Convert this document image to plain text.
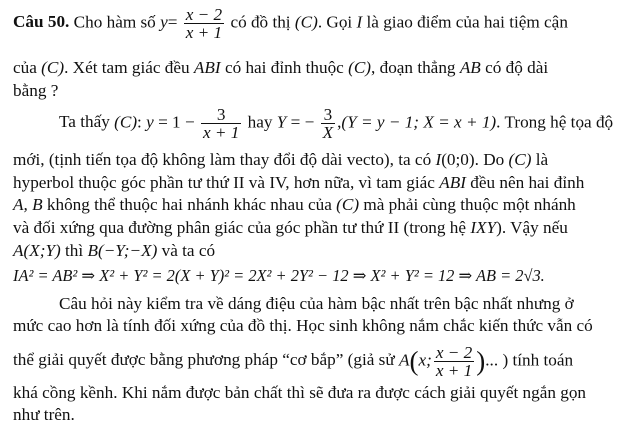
Câu 50. Cho hàm số $y= \frac{x - 2}{x + 1}$ có đồ thị (C). Gọi I là giao điểm của hai tiệm cận
của (C). Xét tam giác đều ABI có hai đỉnh thuộc (C), đoạn thẳng AB có độ dài
bằng ?
Ta thấy (C): $y = 1 - \frac{3}{x + 1}$ hay Y = − $\frac{3}{X} ,(Y = y - 1$; X = x + 1). Trong hệ tọa độ
mới, (tịnh tiến tọa độ không làm thay đổi độ dài vecto), ta có I(0;0). Do (C) là
hyperbol thuộc góc phần tư thứ II và IV, hơn nữa, vì tam giác ABI đều nên hai đỉnh
A, B không thể thuộc hai nhánh khác nhau của (C) mà phải cùng thuộc một nhánh
và đối xứng qua đường phân giác của góc phần tư thứ II (trong hệ IXY). Vậy nếu
A(X;Y) thì B(−Y;−X) và ta có
IA² = AB² ⇒ X² + Y² = 2(X + Y)² = 2X² + 2Y² − 12 ⇒ X² + Y² = 12 ⇒ AB = 2√3.
Câu hỏi này kiểm tra về dáng điệu của hàm bậc nhất trên bậc nhất nhưng ở
mức cao hơn là tính đối xứng của đồ thị. Học sinh không nắm chắc kiến thức vẫn có
thể giải quyết được bằng phương pháp “cơ bắp” (giả sử A(x; $\frac{x - 2}{x + 1}$ )... ) tính toán
khá cồng kềnh. Khi nắm được bản chất thì sẽ đưa ra được cách giải quyết ngắn gọn
như trên.
